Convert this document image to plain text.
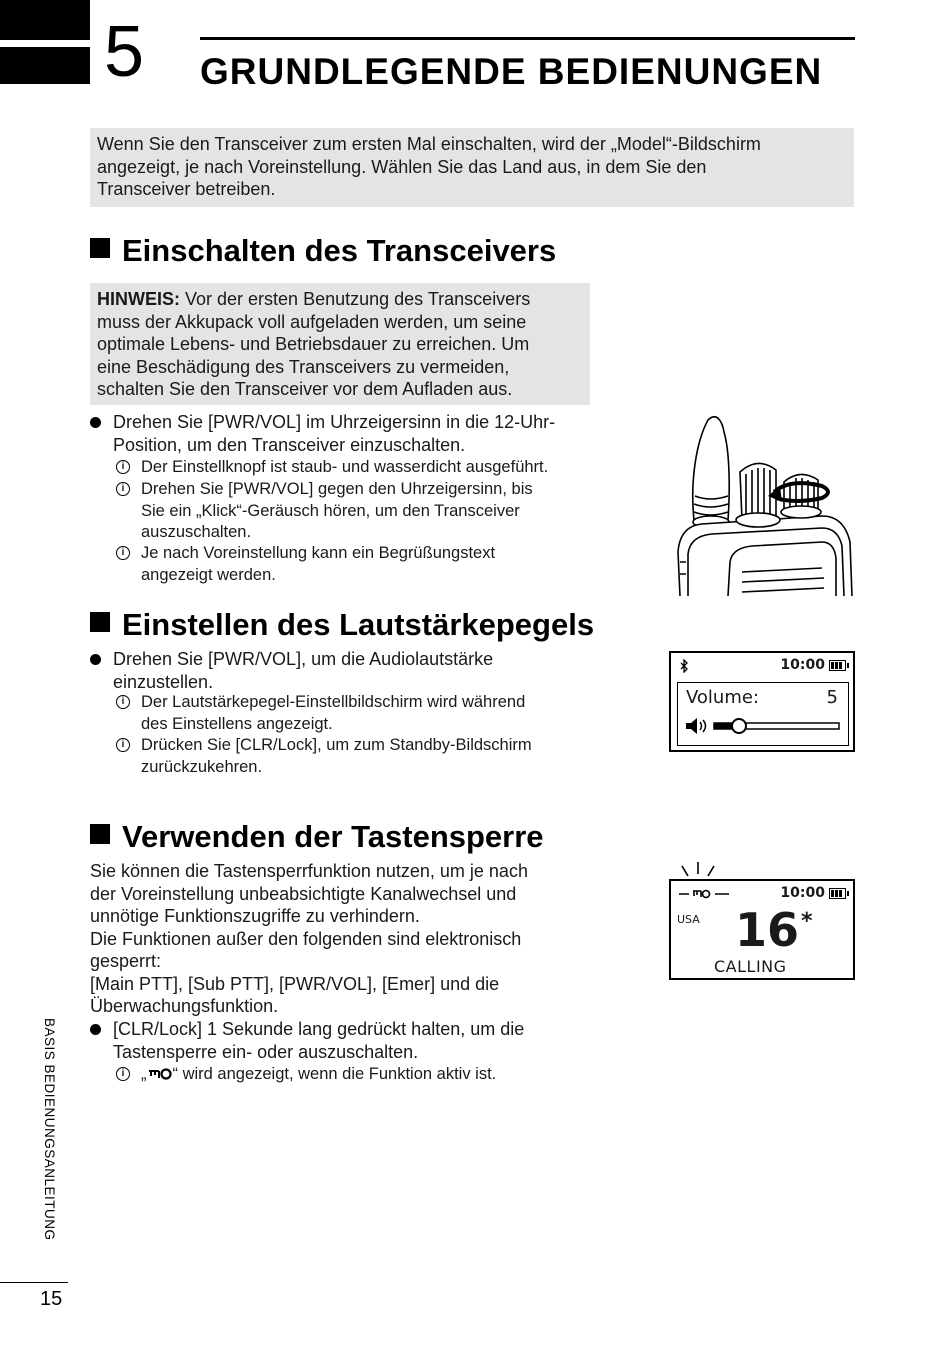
5 GRUNDLEGENDE BEDIENUNGEN
Wenn Sie den Transceiver zum ersten Mal einschalten, wird der „Model“-Bildschirm
angezeigt, je nach Voreinstellung. Wählen Sie das Land aus, in dem Sie den
Transceiver betreiben.
Einschalten des Transceivers
HINWEIS: Vor der ersten Benutzung des Transceivers
muss der Akkupack voll aufgeladen werden, um seine
optimale Lebens- und Betriebsdauer zu erreichen. Um
eine Beschädigung des Transceivers zu vermeiden,
schalten Sie den Transceiver vor dem Aufladen aus.
Drehen Sie [PWR/VOL] im Uhrzeigersinn in die 12-Uhr-
Position, um den Transceiver einzuschalten.
i	Der Einstellknopf ist staub- und wasserdicht ausgeführt.
i	Drehen Sie [PWR/VOL] gegen den Uhrzeigersinn, bis
Sie ein „Klick“-Geräusch hören, um den Transceiver
auszuschalten.
i	Je nach Voreinstellung kann ein Begrüßungstext
angezeigt werden.
Einstellen des Lautstärkepegels
Drehen Sie [PWR/VOL], um die Audiolautstärke
einzustellen.
i	Der Lautstärkepegel-Einstellbildschirm wird während
des Einstellens angezeigt.
i	Drücken Sie [CLR/Lock], um zum Standby-Bildschirm
zurückzukehren.
10:00
Volume:	5
Verwenden der Tastensperre
Sie können die Tastensperrfunktion nutzen, um je nach
der Voreinstellung unbeabsichtigte Kanalwechsel und
unnötige Funktionszugriffe zu verhindern.
Die Funktionen außer den folgenden sind elektronisch
gesperrt:
[Main PTT], [Sub PTT], [PWR/VOL], [Emer] und die
Überwachungsfunktion.
[CLR/Lock] 1 Sekunde lang gedrückt halten, um die
Tastensperre ein- oder auszuschalten.
i	„ “ wird angezeigt, wenn die Funktion aktiv ist.
10:00
USA 16 *
CALLING
BASIS BEDIENUNGSANLEITUNG
15
